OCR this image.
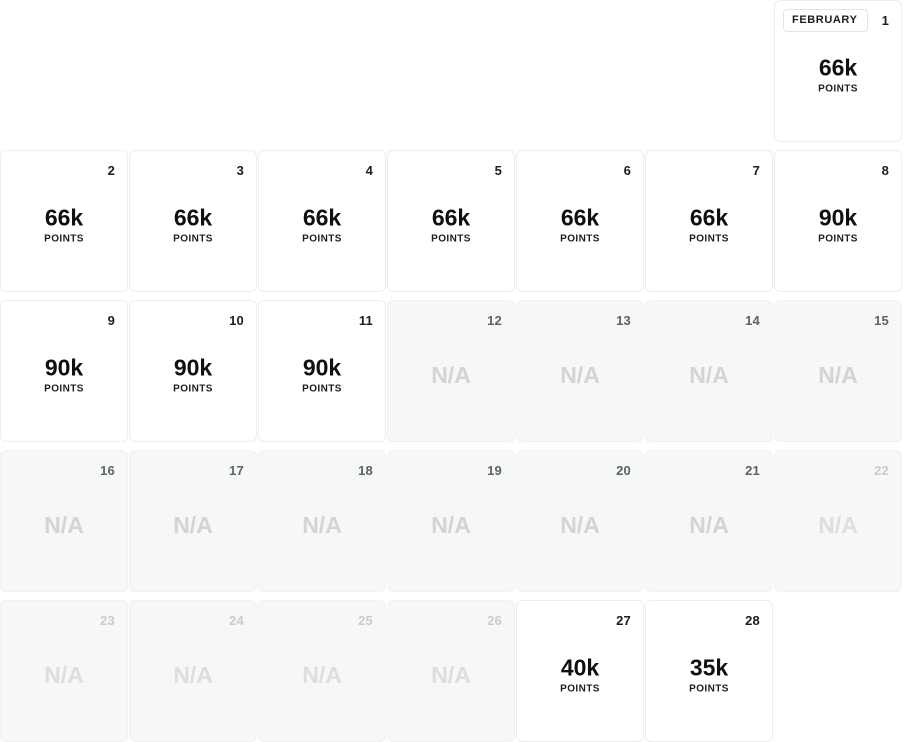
FEBRUARY	1
66k
POINTS
2
66k
POINTS
3
66k
POINTS
4
66k
POINTS
5
66k
POINTS
6
66k
POINTS
7
66k
POINTS
8
90k
POINTS
9
90k
POINTS
10
90k
POINTS
11
90k
POINTS
12
N/A
13
N/A
14
N/A
15
N/A
16
N/A
17
N/A
18
N/A
19
N/A
20
N/A
21
N/A
22
N/A
23
N/A
24
N/A
25
N/A
26
N/A
27
40k
POINTS
28
35k
POINTS
